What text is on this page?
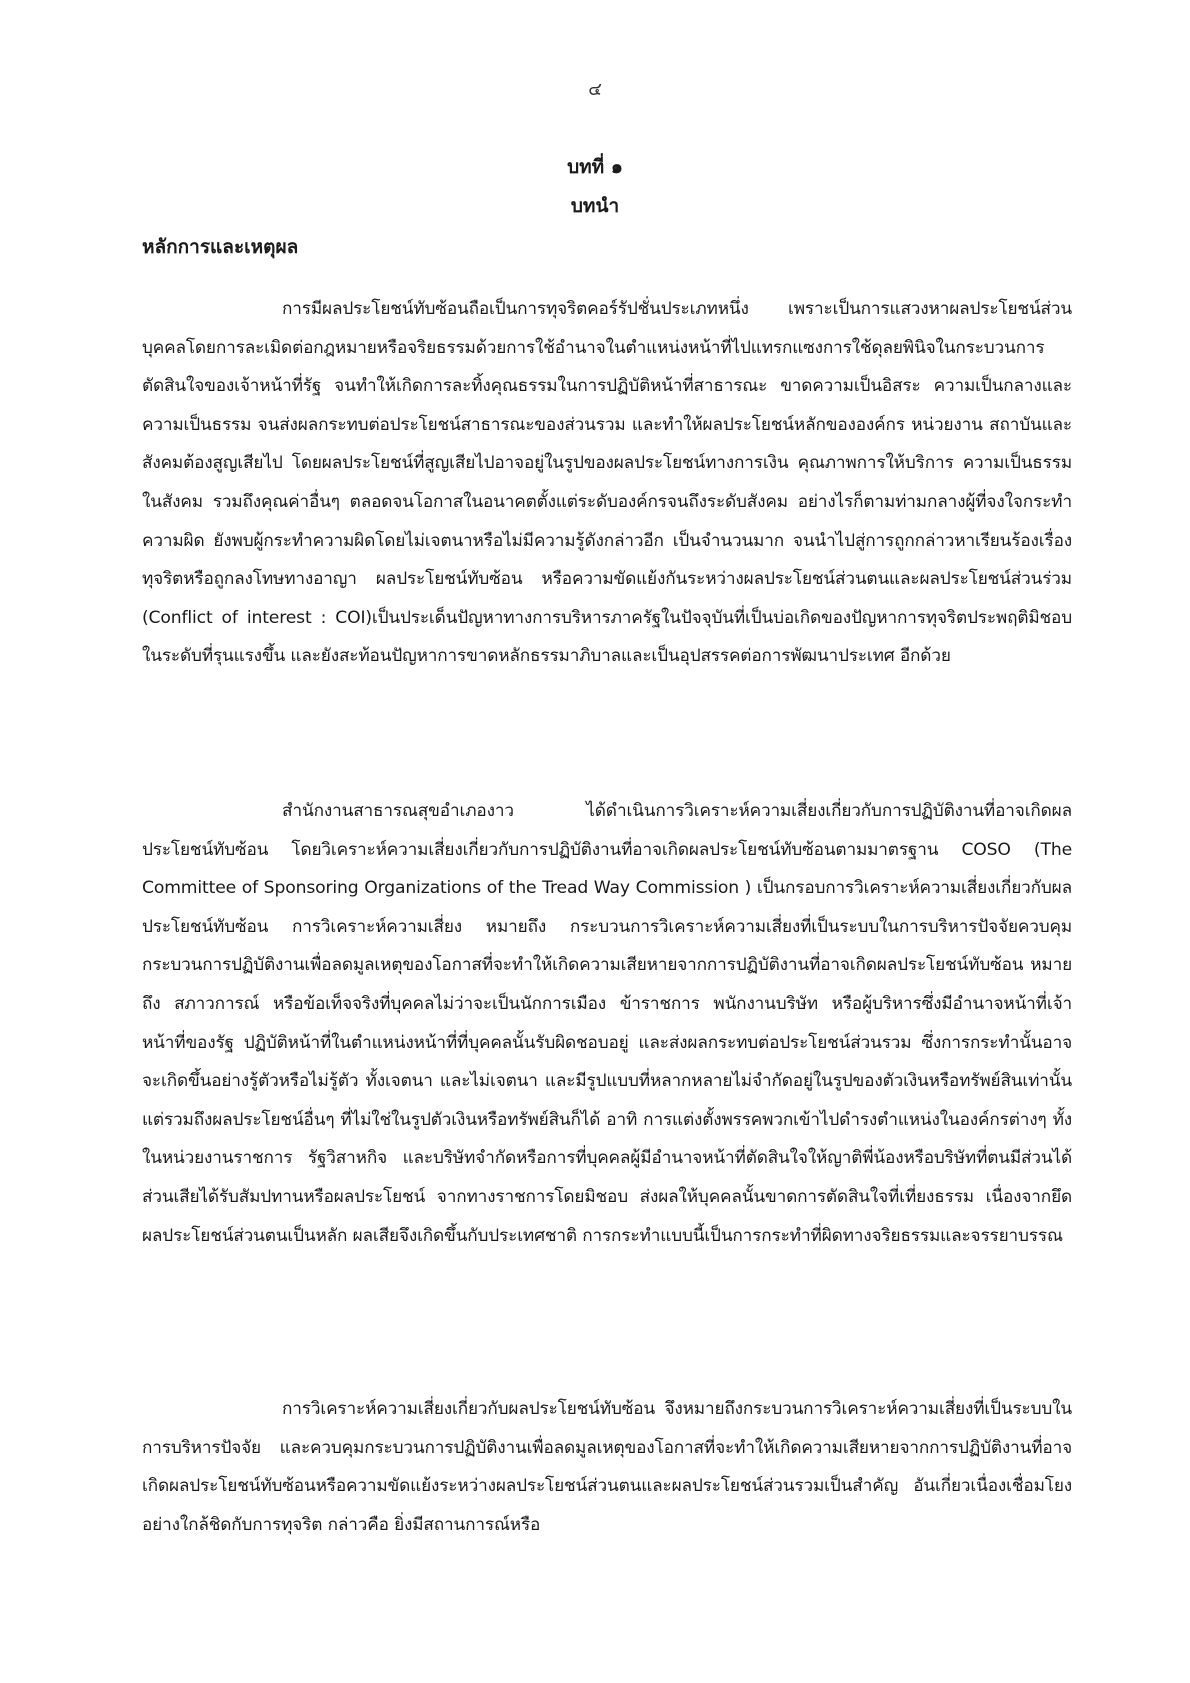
๔
บทที่ ๑
บทนำ
หลักการและเหตุผล

การมีผลประโยชน์ทับซ้อนถือเป็นการทุจริตคอร์รัปชั่นประเภทหนึ่ง เพราะเป็นการแสวงหาผลประโยชน์ส่วนบุคคลโดยการละเมิดต่อกฎหมายหรือจริยธรรมด้วยการใช้อำนาจในตำแหน่งหน้าที่ไปแทรกแซงการใช้ดุลยพินิจในกระบวนการตัดสินใจของเจ้าหน้าที่รัฐ จนทำให้เกิดการละทิ้งคุณธรรมในการปฏิบัติหน้าที่สาธารณะ ขาดความเป็นอิสระ ความเป็นกลางและความเป็นธรรม จนส่งผลกระทบต่อประโยชน์สาธารณะของส่วนรวม และทำให้ผลประโยชน์หลักขององค์กร หน่วยงาน สถาบันและสังคมต้องสูญเสียไป โดยผลประโยชน์ที่สูญเสียไปอาจอยู่ในรูปของผลประโยชน์ทางการเงิน คุณภาพการให้บริการ ความเป็นธรรมในสังคม รวมถึงคุณค่าอื่นๆ ตลอดจนโอกาสในอนาคตตั้งแต่ระดับองค์กรจนถึงระดับสังคม อย่างไรก็ตามท่ามกลางผู้ที่จงใจกระทำความผิด ยังพบผู้กระทำความผิดโดยไม่เจตนาหรือไม่มีความรู้ดังกล่าวอีก เป็นจำนวนมาก จนนำไปสู่การถูกกล่าวหาเรียนร้องเรื่องทุจริตหรือถูกลงโทษทางอาญา ผลประโยชน์ทับซ้อน หรือความขัดแย้งกันระหว่างผลประโยชน์ส่วนตนและผลประโยชน์ส่วนร่วม (Conflict of interest : COI)เป็นประเด็นปัญหาทางการบริหารภาครัฐในปัจจุบันที่เป็นบ่อเกิดของปัญหาการทุจริตประพฤติมิชอบ ในระดับที่รุนแรงขึ้น และยังสะท้อนปัญหาการขาดหลักธรรมาภิบาลและเป็นอุปสรรคต่อการพัฒนาประเทศ อีกด้วย

สำนักงานสาธารณสุขอำเภองาว ได้ดำเนินการวิเคราะห์ความเสี่ยงเกี่ยวกับการปฏิบัติงานที่อาจเกิดผลประโยชน์ทับซ้อน โดยวิเคราะห์ความเสี่ยงเกี่ยวกับการปฏิบัติงานที่อาจเกิดผลประโยชน์ทับซ้อนตามมาตรฐาน COSO (The Committee of Sponsoring Organizations of the Tread Way Commission ) เป็นกรอบการวิเคราะห์ความเสี่ยงเกี่ยวกับผลประโยชน์ทับซ้อน การวิเคราะห์ความเสี่ยง หมายถึง กระบวนการวิเคราะห์ความเสี่ยงที่เป็นระบบในการบริหารปัจจัยควบคุมกระบวนการปฏิบัติงานเพื่อลดมูลเหตุของโอกาสที่จะทำให้เกิดความเสียหายจากการปฏิบัติงานที่อาจเกิดผลประโยชน์ทับซ้อน หมายถึง สภาวการณ์ หรือข้อเท็จจริงที่บุคคลไม่ว่าจะเป็นนักการเมือง ข้าราชการ พนักงานบริษัท หรือผู้บริหารซึ่งมีอำนาจหน้าที่เจ้าหน้าที่ของรัฐ ปฏิบัติหน้าที่ในตำแหน่งหน้าที่ที่บุคคลนั้นรับผิดชอบอยู่ และส่งผลกระทบต่อประโยชน์ส่วนรวม ซึ่งการกระทำนั้นอาจจะเกิดขึ้นอย่างรู้ตัวหรือไม่รู้ตัว ทั้งเจตนา และไม่เจตนา และมีรูปแบบที่หลากหลายไม่จำกัดอยู่ในรูปของตัวเงินหรือทรัพย์สินเท่านั้น แต่รวมถึงผลประโยชน์อื่นๆ ที่ไม่ใช่ในรูปตัวเงินหรือทรัพย์สินก็ได้ อาทิ การแต่งตั้งพรรคพวกเข้าไปดำรงตำแหน่งในองค์กรต่างๆ ทั้งในหน่วยงานราชการ รัฐวิสาหกิจ และบริษัทจำกัดหรือการที่บุคคลผู้มีอำนาจหน้าที่ตัดสินใจให้ญาติพี่น้องหรือบริษัทที่ตนมีส่วนได้ส่วนเสียได้รับสัมปทานหรือผลประโยชน์ จากทางราชการโดยมิชอบ ส่งผลให้บุคคลนั้นขาดการตัดสินใจที่เที่ยงธรรม เนื่องจากยึดผลประโยชน์ส่วนตนเป็นหลัก ผลเสียจึงเกิดขึ้นกับประเทศชาติ การกระทำแบบนี้เป็นการกระทำที่ผิดทางจริยธรรมและจรรยาบรรณ

การวิเคราะห์ความเสี่ยงเกี่ยวกับผลประโยชน์ทับซ้อน จึงหมายถึงกระบวนการวิเคราะห์ความเสี่ยงที่เป็นระบบในการบริหารปัจจัย และควบคุมกระบวนการปฏิบัติงานเพื่อลดมูลเหตุของโอกาสที่จะทำให้เกิดความเสียหายจากการปฏิบัติงานที่อาจเกิดผลประโยชน์ทับซ้อนหรือความขัดแย้งระหว่างผลประโยชน์ส่วนตนและผลประโยชน์ส่วนรวมเป็นสำคัญ อันเกี่ยวเนื่องเชื่อมโยงอย่างใกล้ชิดกับการทุจริต กล่าวคือ ยิ่งมีสถานการณ์หรือ
